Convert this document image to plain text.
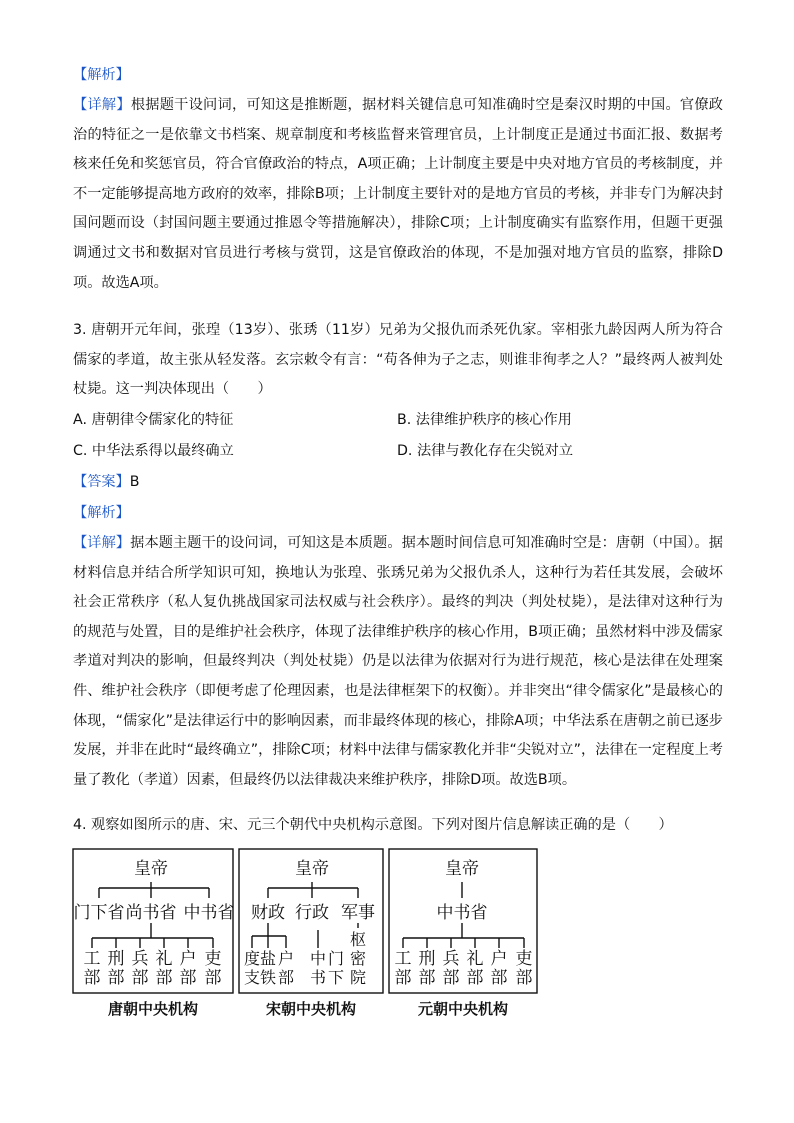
【解析】
【详解】根据题干设问词，可知这是推断题，据材料关键信息可知准确时空是秦汉时期的中国。官僚政治的特征之一是依靠文书档案、规章制度和考核监督来管理官员，上计制度正是通过书面汇报、数据考核来任免和奖惩官员，符合官僚政治的特点，A项正确；上计制度主要是中央对地方官员的考核制度，并不一定能够提高地方政府的效率，排除B项；上计制度主要针对的是地方官员的考核，并非专门为解决封国问题而设（封国问题主要通过推恩令等措施解决），排除C项；上计制度确实有监察作用，但题干更强调通过文书和数据对官员进行考核与赏罚，这是官僚政治的体现，不是加强对地方官员的监察，排除D项。故选A项。
3. 唐朝开元年间，张瑝（13岁）、张琇（11岁）兄弟为父报仇而杀死仇家。宰相张九龄因两人所为符合儒家的孝道，故主张从轻发落。玄宗敕令有言：“苟各伸为子之志，则谁非徇孝之人？”最终两人被判处杖毙。这一判决体现出（　　）
A. 唐朝律令儒家化的特征	B. 法律维护秩序的核心作用
C. 中华法系得以最终确立	D. 法律与教化存在尖锐对立
【答案】B
【解析】
【详解】据本题主题干的设问词，可知这是本质题。据本题时间信息可知准确时空是：唐朝（中国）。据材料信息并结合所学知识可知，换地认为张瑝、张琇兄弟为父报仇杀人，这种行为若任其发展，会破坏社会正常秩序（私人复仇挑战国家司法权威与社会秩序）。最终的判决（判处杖毙），是法律对这种行为的规范与处置，目的是维护社会秩序，体现了法律维护秩序的核心作用，B项正确；虽然材料中涉及儒家孝道对判决的影响，但最终判决（判处杖毙）仍是以法律为依据对行为进行规范，核心是法律在处理案件、维护社会秩序（即便考虑了伦理因素，也是法律框架下的权衡）。并非突出“律令儒家化”是最核心的体现，“儒家化”是法律运行中的影响因素，而非最终体现的核心，排除A项；中华法系在唐朝之前已逐步发展，并非在此时“最终确立”，排除C项；材料中法律与儒家教化并非“尖锐对立”，法律在一定程度上考量了教化（孝道）因素，但最终仍以法律裁决来维护秩序，排除D项。故选B项。
4. 观察如图所示的唐、宋、元三个朝代中央机构示意图。下列对图片信息解读正确的是（　　）
皇帝
门下省 尚书省 中书省
工部
刑部
兵部
礼部
户部
吏部
唐朝中央机构
皇帝
财政 行政 军事
度支
盐铁
户部
中书
门下
枢密院
宋朝中央机构
皇帝
中书省
工部
刑部
兵部
礼部
户部
吏部
元朝中央机构
